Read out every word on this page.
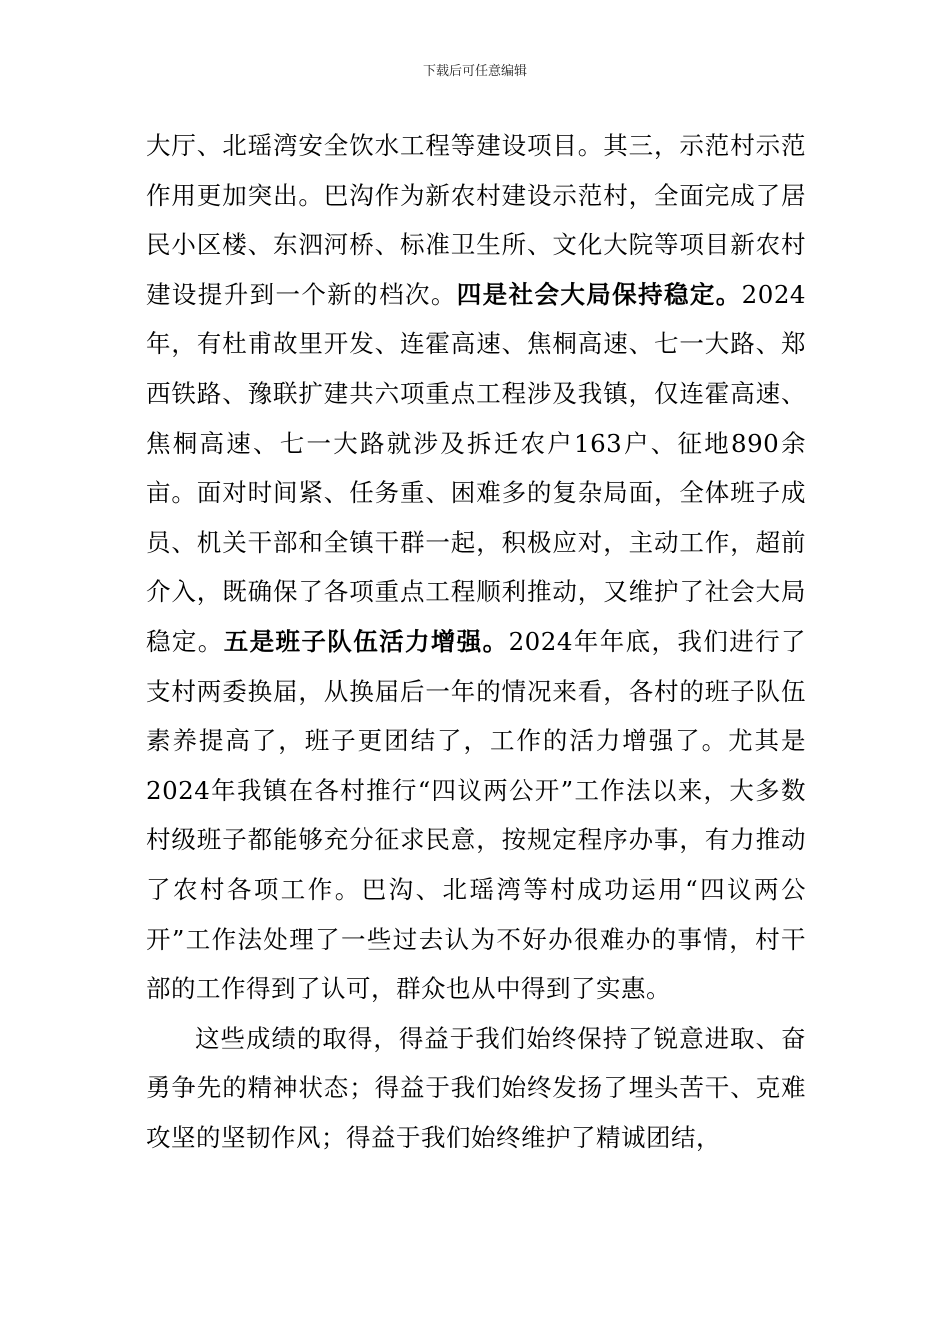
下载后可任意编辑

大厅、北瑶湾安全饮水工程等建设项目。其三，示范村示范作用更加突出。巴沟作为新农村建设示范村，全面完成了居民小区楼、东泗河桥、标准卫生所、文化大院等项目新农村建设提升到一个新的档次。四是社会大局保持稳定。2024年，有杜甫故里开发、连霍高速、焦桐高速、七一大路、郑西铁路、豫联扩建共六项重点工程涉及我镇，仅连霍高速、焦桐高速、七一大路就涉及拆迁农户163户、征地890余亩。面对时间紧、任务重、困难多的复杂局面，全体班子成员、机关干部和全镇干群一起，积极应对，主动工作，超前介入，既确保了各项重点工程顺利推动，又维护了社会大局稳定。五是班子队伍活力增强。2024年年底，我们进行了支村两委换届，从换届后一年的情况来看，各村的班子队伍素养提高了，班子更团结了，工作的活力增强了。尤其是2024年我镇在各村推行“四议两公开”工作法以来，大多数村级班子都能够充分征求民意，按规定程序办事，有力推动了农村各项工作。巴沟、北瑶湾等村成功运用“四议两公开”工作法处理了一些过去认为不好办很难办的事情，村干部的工作得到了认可，群众也从中得到了实惠。

这些成绩的取得，得益于我们始终保持了锐意进取、奋勇争先的精神状态；得益于我们始终发扬了埋头苦干、克难攻坚的坚韧作风；得益于我们始终维护了精诚团结，
